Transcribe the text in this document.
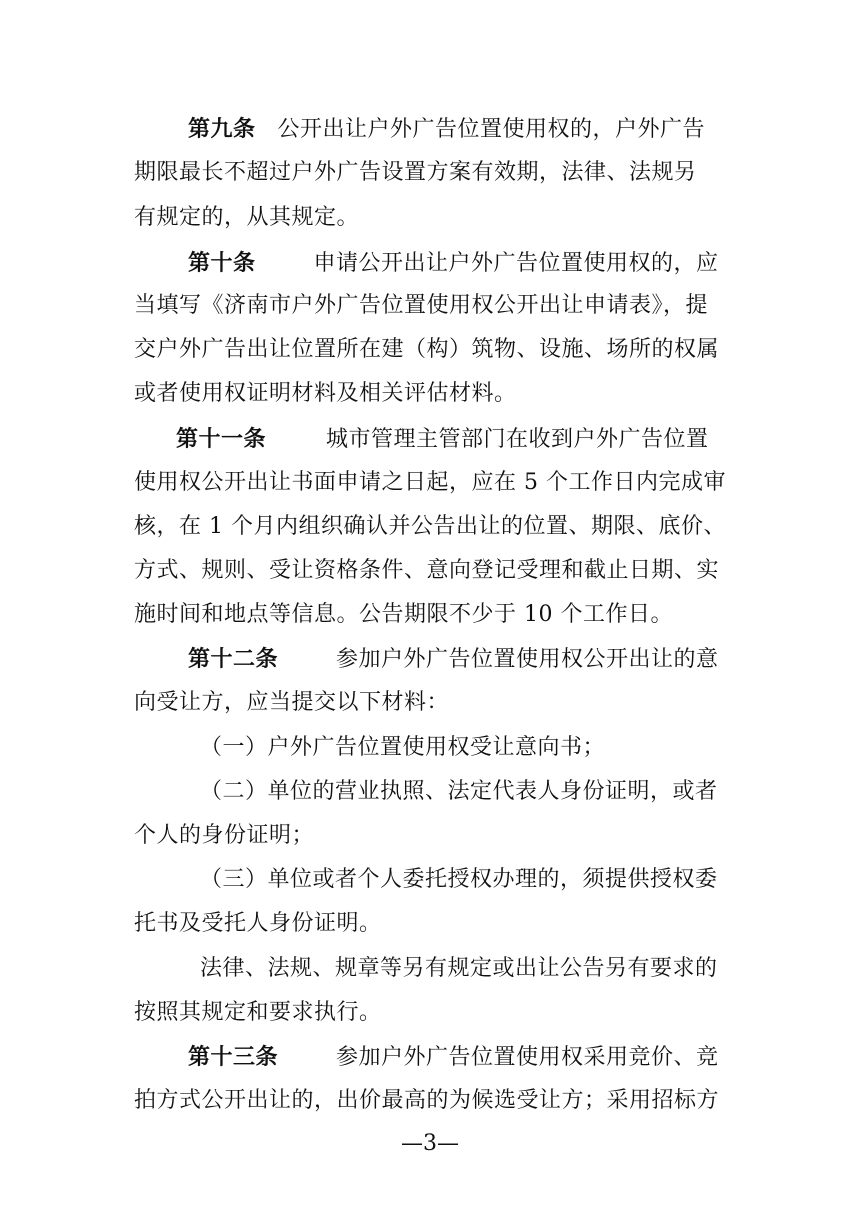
第九条 公开出让户外广告位置使用权的，户外广告
期限最长不超过户外广告设置方案有效期，法律、法规另
有规定的，从其规定。
第十条	申请公开出让户外广告位置使用权的，应
当填写《济南市户外广告位置使用权公开出让申请表》，提
交户外广告出让位置所在建（构）筑物、设施、场所的权属
或者使用权证明材料及相关评估材料。
第十一条	城市管理主管部门在收到户外广告位置
使用权公开出让书面申请之日起，应在 5 个工作日内完成审
核，在 1 个月内组织确认并公告出让的位置、期限、底价、
方式、规则、受让资格条件、意向登记受理和截止日期、实
施时间和地点等信息。公告期限不少于 10 个工作日。
第十二条	参加户外广告位置使用权公开出让的意
向受让方，应当提交以下材料：
（一）户外广告位置使用权受让意向书；
（二）单位的营业执照、法定代表人身份证明，或者
个人的身份证明；
（三）单位或者个人委托授权办理的，须提供授权委
托书及受托人身份证明。
法律、法规、规章等另有规定或出让公告另有要求的
按照其规定和要求执行。
第十三条	参加户外广告位置使用权采用竞价、竞
拍方式公开出让的，出价最高的为候选受让方；采用招标方
—3—
